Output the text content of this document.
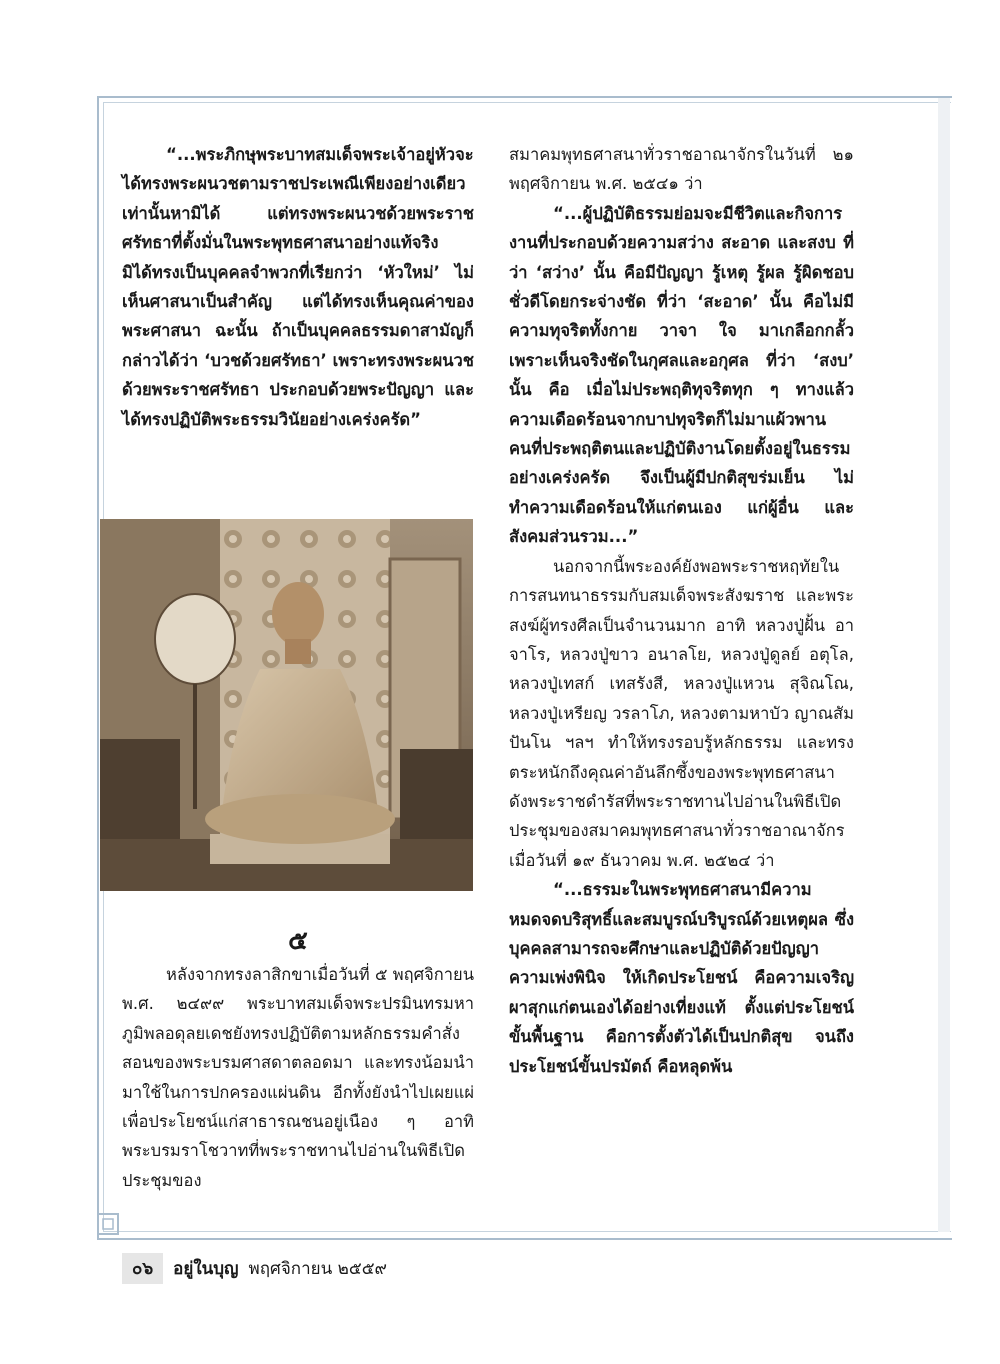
“...พระภิกษุพระบาทสมเด็จพระเจ้าอยู่หัวจะได้ทรงพระผนวชตามราชประเพณีเพียงอย่างเดียวเท่านั้นหามิได้ แต่ทรงพระผนวชด้วยพระราชศรัทธาที่ตั้งมั่นในพระพุทธศาสนาอย่างแท้จริง มิได้ทรงเป็นบุคคลจำพวกที่เรียกว่า ‘หัวใหม่’ ไม่เห็นศาสนาเป็นสำคัญ แต่ได้ทรงเห็นคุณค่าของพระศาสนา ฉะนั้น ถ้าเป็นบุคคลธรรมดาสามัญก็กล่าวได้ว่า ‘บวชด้วยศรัทธา’ เพราะทรงพระผนวชด้วยพระราชศรัทธา ประกอบด้วยพระปัญญา และได้ทรงปฏิบัติพระธรรมวินัยอย่างเคร่งครัด”

๕

หลังจากทรงลาสิกขาเมื่อวันที่ ๕ พฤศจิกายน พ.ศ. ๒๔๙๙ พระบาทสมเด็จพระปรมินทรมหาภูมิพลอดุลยเดชยังทรงปฏิบัติตามหลักธรรมคำสั่งสอนของพระบรมศาสดาตลอดมา และทรงน้อมนำมาใช้ในการปกครองแผ่นดิน อีกทั้งยังนำไปเผยแผ่เพื่อประโยชน์แก่สาธารณชนอยู่เนือง ๆ อาทิ พระบรมราโชวาทที่พระราชทานไปอ่านในพิธีเปิดประชุมของ

สมาคมพุทธศาสนาทั่วราชอาณาจักรในวันที่ ๒๑ พฤศจิกายน พ.ศ. ๒๕๔๑ ว่า

“...ผู้ปฏิบัติธรรมย่อมจะมีชีวิตและกิจการงานที่ประกอบด้วยความสว่าง สะอาด และสงบ ที่ว่า ‘สว่าง’ นั้น คือมีปัญญา รู้เหตุ รู้ผล รู้ผิดชอบชั่วดีโดยกระจ่างชัด ที่ว่า ‘สะอาด’ นั้น คือไม่มีความทุจริตทั้งกาย วาจา ใจ มาเกลือกกลั้ว เพราะเห็นจริงชัดในกุศลและอกุศล ที่ว่า ‘สงบ’ นั้น คือ เมื่อไม่ประพฤติทุจริตทุก ๆ ทางแล้ว ความเดือดร้อนจากบาปทุจริตก็ไม่มาแผ้วพาน คนที่ประพฤติตนและปฏิบัติงานโดยตั้งอยู่ในธรรมอย่างเคร่งครัด จึงเป็นผู้มีปกติสุขร่มเย็น ไม่ทำความเดือดร้อนให้แก่ตนเอง แก่ผู้อื่น และสังคมส่วนรวม...”

นอกจากนี้พระองค์ยังพอพระราชหฤทัยในการสนทนาธรรมกับสมเด็จพระสังฆราช และพระสงฆ์ผู้ทรงศีลเป็นจำนวนมาก อาทิ หลวงปู่ฝั้น อาจาโร, หลวงปู่ขาว อนาลโย, หลวงปู่ดูลย์ อตุโล, หลวงปู่เทสก์ เทสรังสี, หลวงปู่แหวน สุจิณโณ, หลวงปู่เหรียญ วรลาโภ, หลวงตามหาบัว ญาณสัมปันโน ฯลฯ ทำให้ทรงรอบรู้หลักธรรม และทรงตระหนักถึงคุณค่าอันลึกซึ้งของพระพุทธศาสนา ดังพระราชดำรัสที่พระราชทานไปอ่านในพิธีเปิดประชุมของสมาคมพุทธศาสนาทั่วราชอาณาจักรเมื่อวันที่ ๑๙ ธันวาคม พ.ศ. ๒๕๒๔ ว่า

“...ธรรมะในพระพุทธศาสนามีความหมดจดบริสุทธิ์และสมบูรณ์บริบูรณ์ด้วยเหตุผล ซึ่งบุคคลสามารถจะศึกษาและปฏิบัติด้วยปัญญา ความเพ่งพินิจ ให้เกิดประโยชน์ คือความเจริญผาสุกแก่ตนเองได้อย่างเที่ยงแท้ ตั้งแต่ประโยชน์ขั้นพื้นฐาน คือการตั้งตัวได้เป็นปกติสุข จนถึงประโยชน์ขั้นปรมัตถ์ คือหลุดพ้น

๐๖	อยู่ในบุญ พฤศจิกายน ๒๕๕๙
